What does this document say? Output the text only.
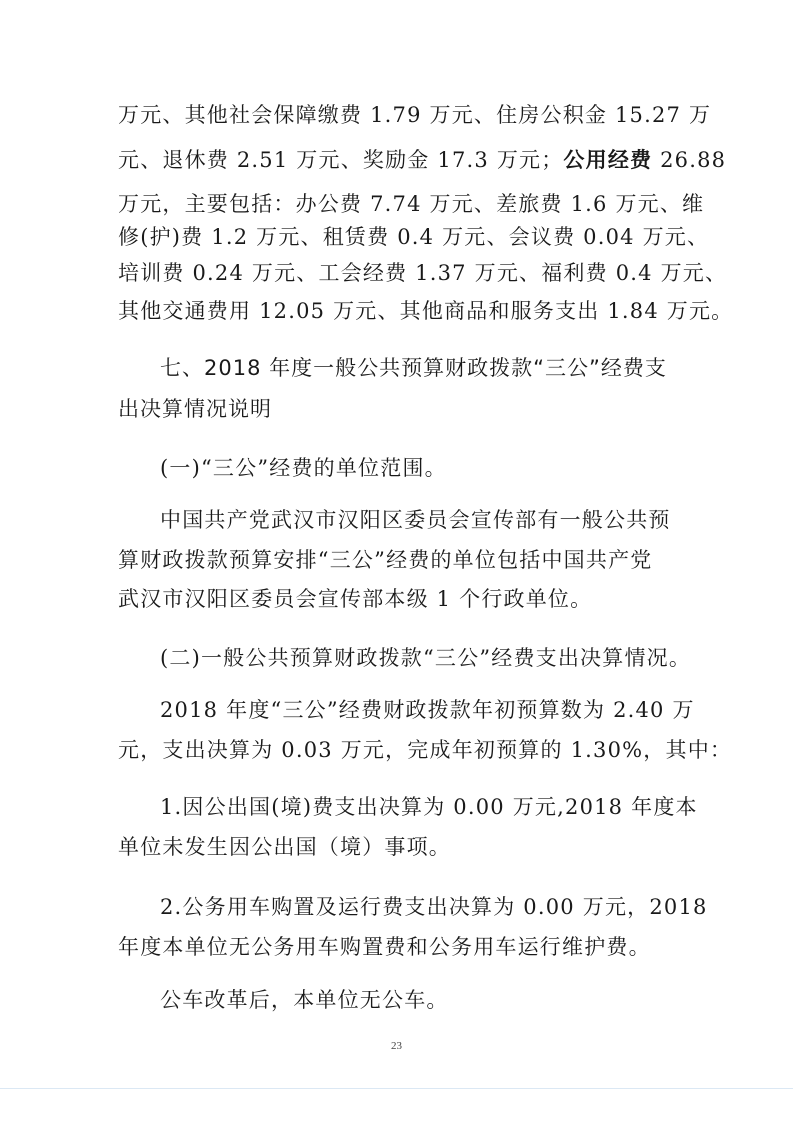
万元、其他社会保障缴费 1.79 万元、住房公积金 15.27 万
元、退休费 2.51 万元、奖励金 17.3 万元；公用经费 26.88
万元，主要包括：办公费 7.74 万元、差旅费 1.6 万元、维
修(护)费 1.2 万元、租赁费 0.4 万元、会议费 0.04 万元、
培训费 0.24 万元、工会经费 1.37 万元、福利费 0.4 万元、
其他交通费用 12.05 万元、其他商品和服务支出 1.84 万元。
七、2018 年度一般公共预算财政拨款“三公”经费支
出决算情况说明
(一)“三公”经费的单位范围。
中国共产党武汉市汉阳区委员会宣传部有一般公共预
算财政拨款预算安排“三公”经费的单位包括中国共产党
武汉市汉阳区委员会宣传部本级 1 个行政单位。
(二)一般公共预算财政拨款“三公”经费支出决算情况。
2018 年度“三公”经费财政拨款年初预算数为 2.40 万
元，支出决算为 0.03 万元，完成年初预算的 1.30%，其中：
1.因公出国(境)费支出决算为 0.00 万元,2018 年度本
单位未发生因公出国（境）事项。
2.公务用车购置及运行费支出决算为 0.00 万元，2018
年度本单位无公务用车购置费和公务用车运行维护费。
公车改革后，本单位无公车。
23
